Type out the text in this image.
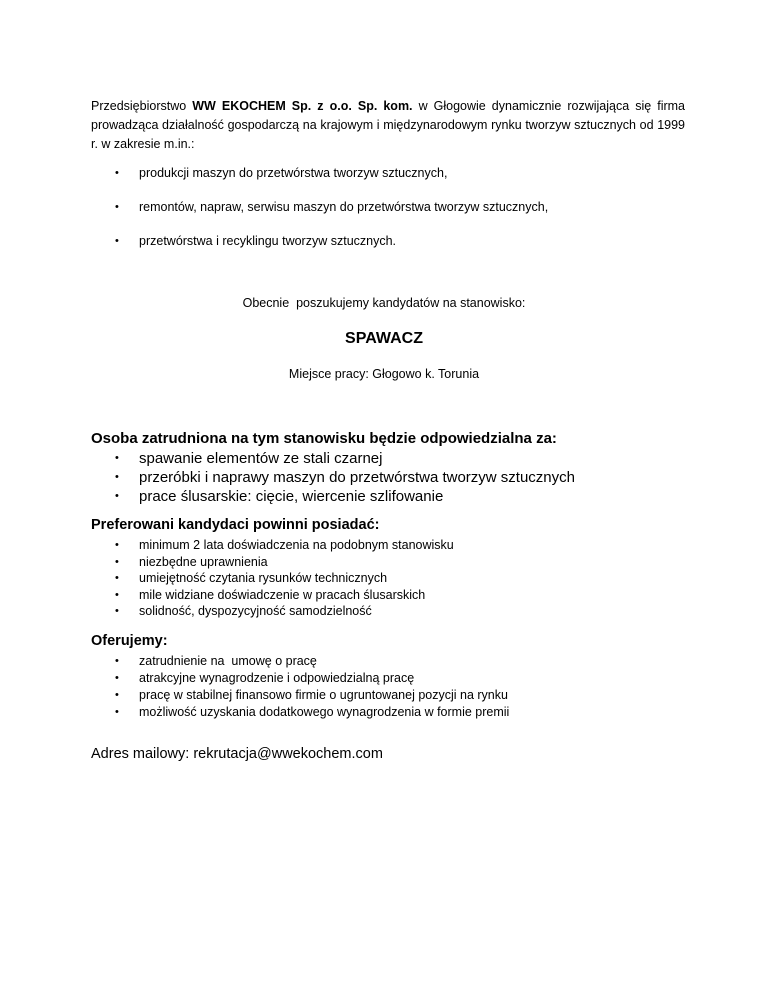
Przedsiębiorstwo WW EKOCHEM Sp. z o.o. Sp. kom. w Głogowie dynamicznie rozwijająca się firma prowadząca działalność gospodarczą na krajowym i międzynarodowym rynku tworzyw sztucznych od 1999 r. w zakresie m.in.:

• produkcji maszyn do przetwórstwa tworzyw sztucznych,
• remontów, napraw, serwisu maszyn do przetwórstwa tworzyw sztucznych,
• przetwórstwa i recyklingu tworzyw sztucznych.
Obecnie  poszukujemy kandydatów na stanowisko:
SPAWACZ
Miejsce pracy: Głogowo k. Torunia
Osoba zatrudniona na tym stanowisku będzie odpowiedzialna za:
• spawanie elementów ze stali czarnej
• przeróbki i naprawy maszyn do przetwórstwa tworzyw sztucznych
• prace ślusarskie: cięcie, wiercenie szlifowanie
Preferowani kandydaci powinni posiadać:
• minimum 2 lata doświadczenia na podobnym stanowisku
• niezbędne uprawnienia
• umiejętność czytania rysunków technicznych
• mile widziane doświadczenie w pracach ślusarskich
• solidność, dyspozycyjność samodzielność
Oferujemy:
• zatrudnienie na  umowę o pracę
• atrakcyjne wynagrodzenie i odpowiedzialną pracę
• pracę w stabilnej finansowo firmie o ugruntowanej pozycji na rynku
• możliwość uzyskania dodatkowego wynagrodzenia w formie premii
Adres mailowy: rekrutacja@wwekochem.com
